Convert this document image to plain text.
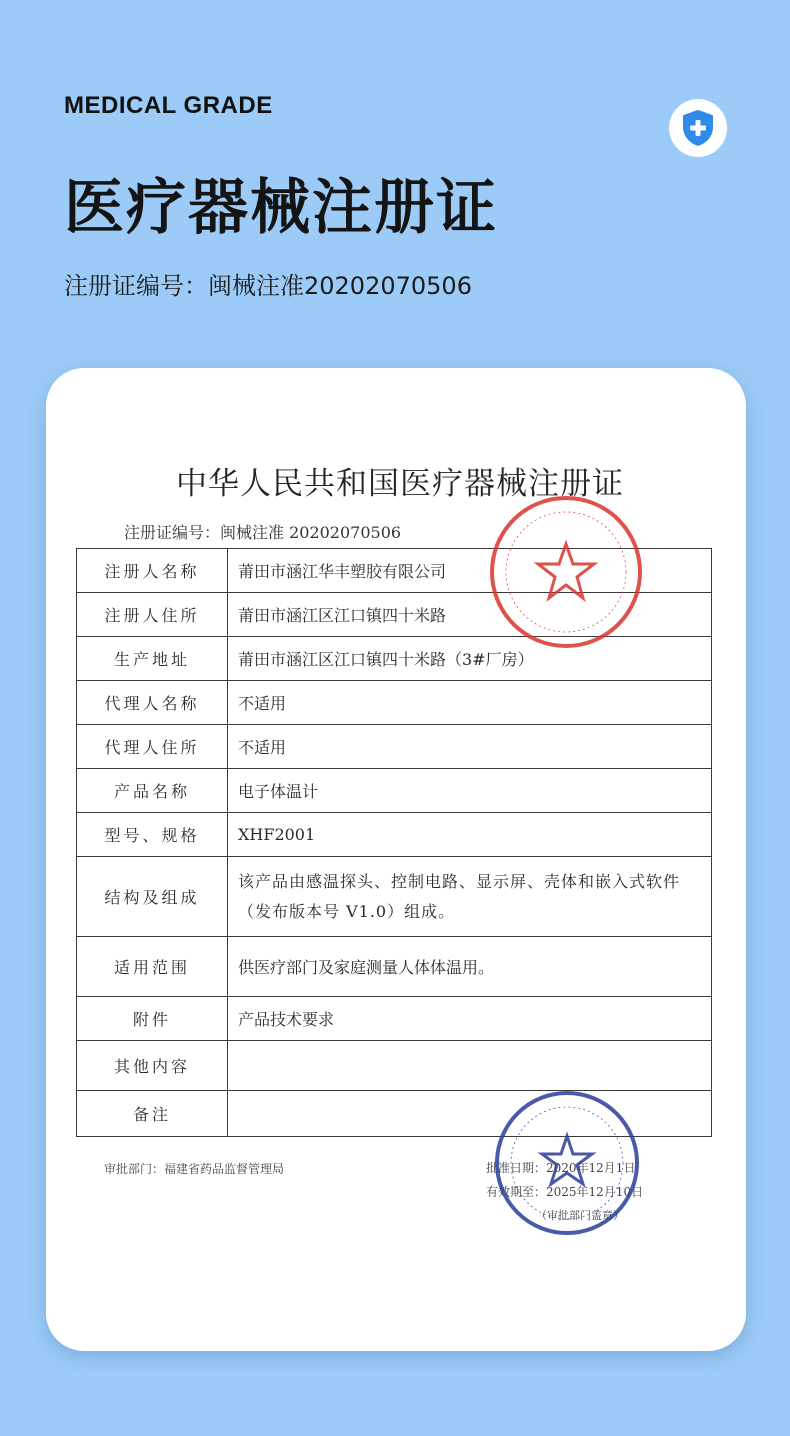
MEDICAL GRADE
医疗器械注册证
注册证编号：闽械注准20202070506
中华人民共和国医疗器械注册证
注册证编号：闽械注准 20202070506
注册人名称	莆田市涵江华丰塑胶有限公司
注册人住所	莆田市涵江区江口镇四十米路
生产地址	莆田市涵江区江口镇四十米路（3#厂房）
代理人名称	不适用
代理人住所	不适用
产品名称	电子体温计
型号、规格	XHF2001
结构及组成	该产品由感温探头、控制电路、显示屏、壳体和嵌入式软件（发布版本号 V1.0）组成。
适用范围	供医疗部门及家庭测量人体体温用。
附件	产品技术要求
其他内容	
备注	
审批部门：福建省药品监督管理局	批准日期：2020年12月1日
有效期至：2025年12月10日
（审批部门盖章）
